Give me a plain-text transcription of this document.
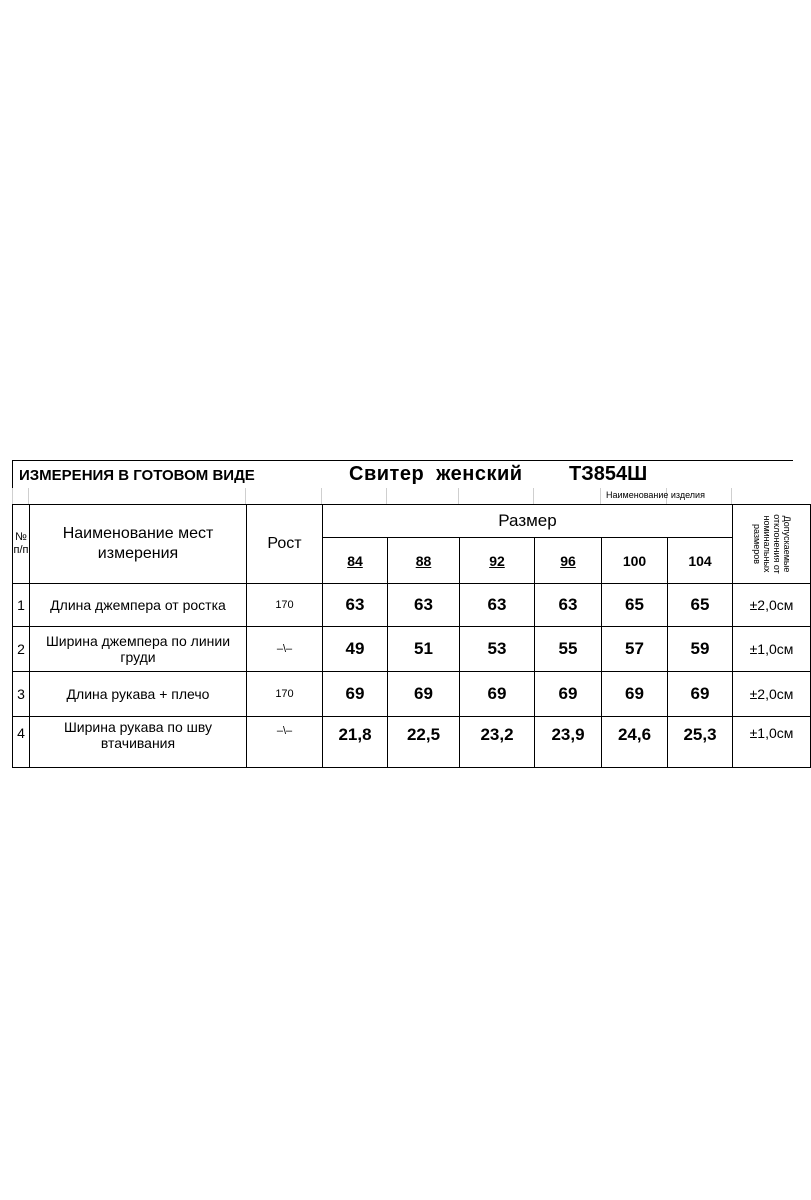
ИЗМЕРЕНИЯ В ГОТОВОМ ВИДЕ	Свитер женский ТЗ854Ш
Наименование изделия
№ п/п	Наименование мест измерения	Рост	Размер						Допускаемые отклонения от номинальных размеров

			84	88	92	96	100	104	
1	Длина джемпера от ростка	170	63	63	63	63	65	65	±2,0см
2	Ширина джемпера по линии груди	–\–	49	51	53	55	57	59	±1,0см
3	Длина рукава + плечо	170	69	69	69	69	69	69	±2,0см
4	Ширина рукава по шву втачивания	–\–	21,8	22,5	23,2	23,9	24,6	25,3	±1,0см
